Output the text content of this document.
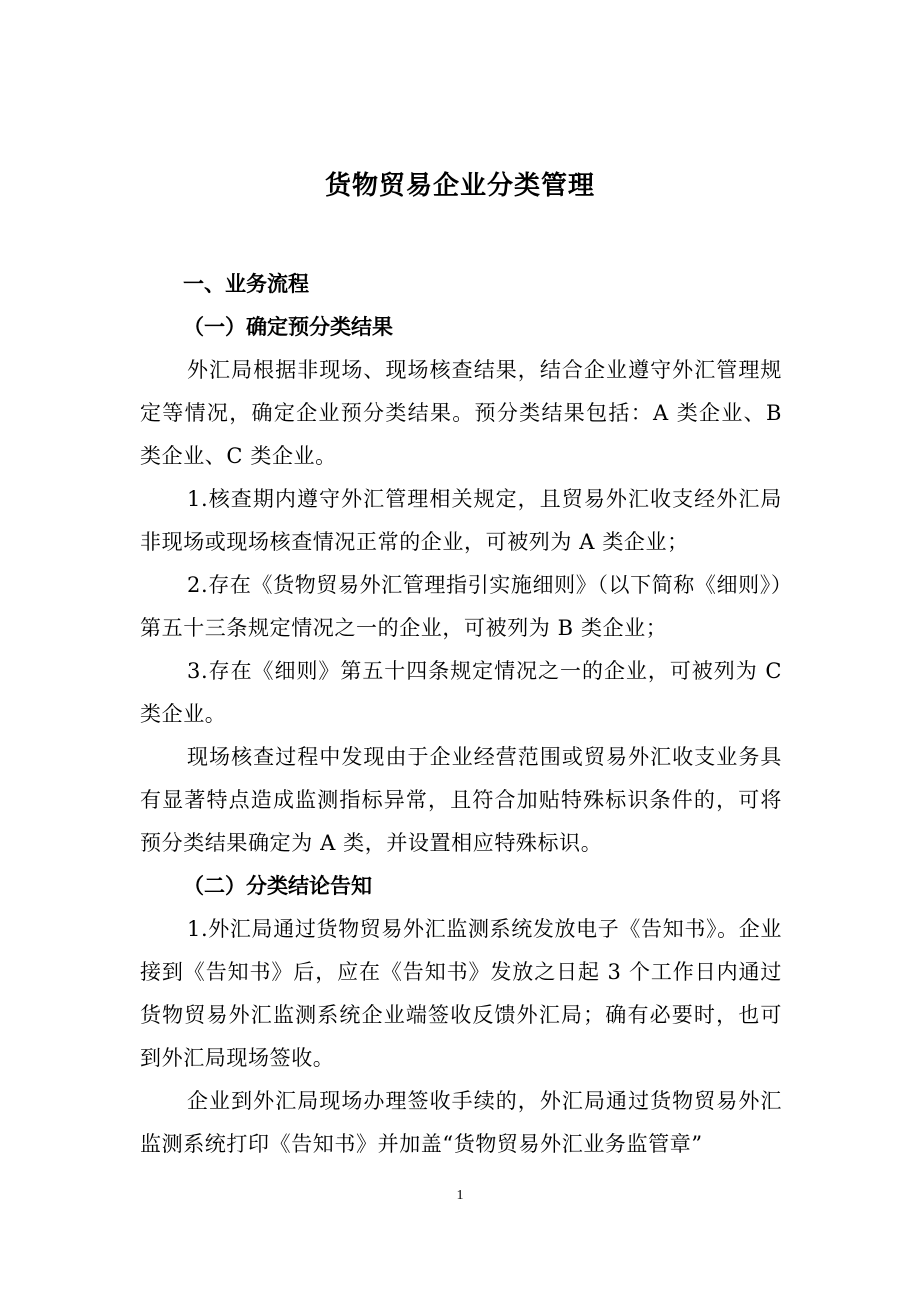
货物贸易企业分类管理
一、业务流程
（一）确定预分类结果
外汇局根据非现场、现场核查结果，结合企业遵守外汇管理规定等情况，确定企业预分类结果。预分类结果包括：A 类企业、B 类企业、C 类企业。
1.核查期内遵守外汇管理相关规定，且贸易外汇收支经外汇局非现场或现场核查情况正常的企业，可被列为 A 类企业；
2.存在《货物贸易外汇管理指引实施细则》（以下简称《细则》）第五十三条规定情况之一的企业，可被列为 B 类企业；
3.存在《细则》第五十四条规定情况之一的企业，可被列为 C 类企业。
现场核查过程中发现由于企业经营范围或贸易外汇收支业务具有显著特点造成监测指标异常，且符合加贴特殊标识条件的，可将预分类结果确定为 A 类，并设置相应特殊标识。
（二）分类结论告知
1.外汇局通过货物贸易外汇监测系统发放电子《告知书》。企业接到《告知书》后，应在《告知书》发放之日起 3 个工作日内通过货物贸易外汇监测系统企业端签收反馈外汇局；确有必要时，也可到外汇局现场签收。
企业到外汇局现场办理签收手续的，外汇局通过货物贸易外汇监测系统打印《告知书》并加盖“货物贸易外汇业务监管章”
1
